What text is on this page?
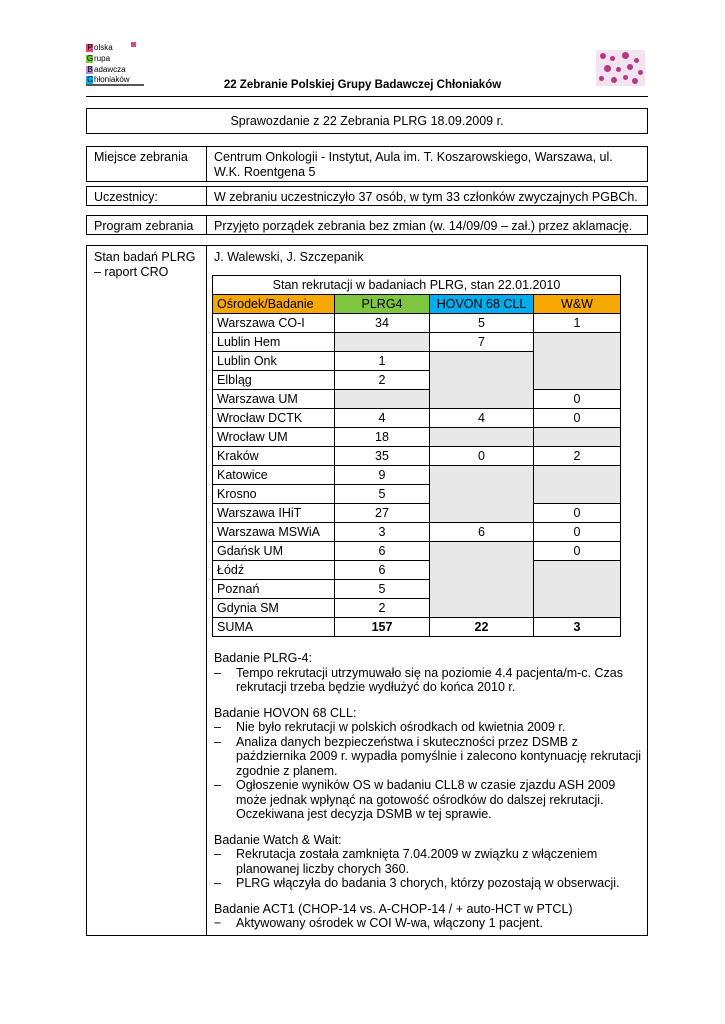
P olska
G rupa
B adawcza
C hłoniaków	22 Zebranie Polskiej Grupy Badawczej Chłoniaków
Sprawozdanie z 22 Zebrania PLRG 18.09.2009 r.
Miejsce zebrania	Centrum Onkologii - Instytut, Aula im. T. Koszarowskiego, Warszawa, ul. W.K. Roentgena 5
Uczestnicy:	W zebraniu uczestniczyło 37 osób, w tym 33 członków zwyczajnych PGBCh.
Program zebrania	Przyjęto porządek zebrania bez zmian (w. 14/09/09 – zał.) przez aklamację.
Stan badań PLRG – raport CRO
J. Walewski, J. Szczepanik
Stan rekrutacji w badaniach PLRG, stan 22.01.2010			
Ośrodek/Badanie	PLRG4	HOVON 68 CLL	W&W
Warszawa CO-I	34	5	1
Lublin Hem		7	
Lublin Onk	1		
Elbląg	2		
Warszawa UM			0
Wrocław DCTK	4	4	0
Wrocław UM	18		
Kraków	35	0	2
Katowice	9		
Krosno	5		
Warszawa IHiT	27		0
Warszawa MSWiA	3	6	0
Gdańsk UM	6		0
Łódź	6		
Poznań	5		
Gdynia SM	2		
SUMA	157	22	3
Badanie PLRG-4:
– Tempo rekrutacji utrzymuwało się na poziomie 4.4 pacjenta/m-c. Czas rekrutacji trzeba będzie wydłużyć do końca 2010 r.
Badanie HOVON 68 CLL:
– Nie było rekrutacji w polskich ośrodkach od kwietnia 2009 r.
– Analiza danych bezpieczeństwa i skuteczności przez DSMB z października 2009 r. wypadła pomyślnie i zalecono kontynuację rekrutacji zgodnie z planem.
– Ogłoszenie wyników OS w badaniu CLL8 w czasie zjazdu ASH 2009 może jednak wpłynąć na gotowość ośrodków do dalszej rekrutacji. Oczekiwana jest decyzja DSMB w tej sprawie.
Badanie Watch & Wait:
– Rekrutacja została zamknięta 7.04.2009 w związku z włączeniem planowanej liczby chorych 360.
– PLRG włączyła do badania 3 chorych, którzy pozostają w obserwacji.
Badanie ACT1 (CHOP-14 vs. A-CHOP-14 / + auto-HCT w PTCL)
− Aktywowany ośrodek w COI W-wa, włączony 1 pacjent.
